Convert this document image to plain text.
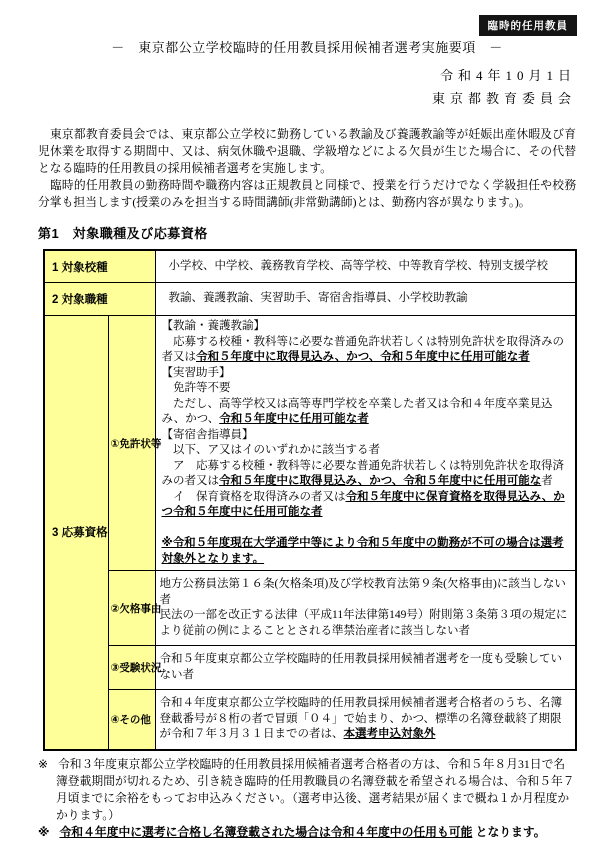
臨時的任用教員
－　東京都公立学校臨時的任用教員採用候補者選考実施要項　－
令和4年10月1日
東京都教育委員会

　東京都教育委員会では、東京都公立学校に勤務している教諭及び養護教諭等が妊娠出産休暇及び育児休業を取得する期間中、又は、病気休職や退職、学級増などによる欠員が生じた場合に、その代替となる臨時的任用教員の採用候補者選考を実施します。

　臨時的任用教員の勤務時間や職務内容は正規教員と同様で、授業を行うだけでなく学級担任や校務分掌も担当します(授業のみを担当する時間講師(非常勤講師)とは、勤務内容が異なります。)。

第1　対象職種及び応募資格
1 対象校種		小学校、中学校、義務教育学校、高等学校、中等教育学校、特別支援学校
2 対象職種		教諭、養護教諭、実習助手、寄宿舎指導員、小学校助教諭
3 応募資格	①免許状等	
【教諭・養護教諭】
　応募する校種・教科等に必要な普通免許状若しくは特別免許状を取得済みの者又は令和５年度中に取得見込み、かつ、令和５年度中に任用可能な者
【実習助手】
　免許等不要
　ただし、高等学校又は高等専門学校を卒業した者又は令和４年度卒業見込み、かつ、令和５年度中に任用可能な者
【寄宿舎指導員】
　以下、ア又はイのいずれかに該当する者
　ア　応募する校種・教科等に必要な普通免許状若しくは特別免許状を取得済みの者又は令和５年度中に取得見込み、かつ、令和５年度中に任用可能な者
　イ　保育資格を取得済みの者又は令和５年度中に保育資格を取得見込み、かつ令和５年度中に任用可能な者

※令和５年度現在大学通学中等により令和５年度中の勤務が不可の場合は選考対象外となります。

	②欠格事由	地方公務員法第１６条(欠格条項)及び学校教育法第９条(欠格事由)に該当しない者
民法の一部を改正する法律（平成11年法律第149号）附則第３条第３項の規定により従前の例によることとされる準禁治産者に該当しない者

	③受験状況	令和５年度東京都公立学校臨時的任用教員採用候補者選考を一度も受験していない者

	④その他	令和４年度東京都公立学校臨時的任用教員採用候補者選考合格者のうち、名簿登載番号が８桁の者で冒頭「０４」で始まり、かつ、標準の名簿登載終了期限が令和７年３月３１日までの者は、本選考申込対象外

※ 令和３年度東京都公立学校臨時的任用教員採用候補者選考合格者の方は、令和５年８月31日で名簿登載期間が切れるため、引き続き臨時的任用教職員の名簿登載を希望される場合は、令和５年７月頃までに余裕をもってお申込みください。（選考申込後、選考結果が届くまで概ね１か月程度かかります。）

※ 令和４年度中に選考に合格し名簿登載された場合は令和４年度中の任用も可能 となります。
